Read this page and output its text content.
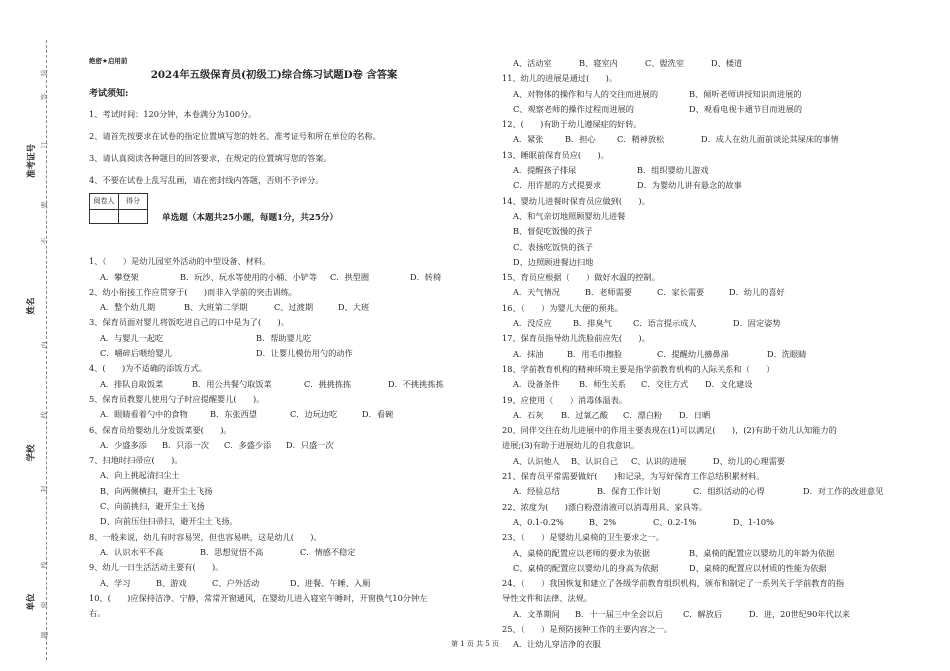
准考证号
姓名
学校
单位
装
订
线
内
不
要
答
题
密
封
线
绝密★启用前
2024年五级保育员(初级工)综合练习试题D卷 含答案
考试须知:
1、考试时间：120分钟，本卷满分为100分。
2、请首先按要求在试卷的指定位置填写您的姓名、准考证号和所在单位的名称。
3、请认真阅读各种题目的回答要求，在规定的位置填写您的答案。
4、不要在试卷上乱写乱画，请在密封线内答题，否则不予评分。
阅卷人	得分

单选题（本题共25小题，每题1分，共25分）
1、（　　）是幼儿园室外活动的中型设备、材料。
A．攀登架	B．玩沙、玩水等使用的小桶、小铲等	C．拱型圈	D．转椅
2、幼小衔接工作应贯穿于(　　)而非入学前的突击训练。
A．整个幼儿期	B、大班第二学期	C、过渡期	D、大班
3、保育员面对婴儿将饭吃进自己的口中是为了(　　)。
A．与婴儿一起吃	B．帮助婴儿吃
C．嚼碎后喂给婴儿	D．让婴儿模仿用勺的动作
4、(　　)为不适确的添饭方式。
A．排队自取饭菜	B．用公共餐勺取饭菜	C．挑挑拣拣	D．不挑挑拣拣
5、保育员教婴儿使用勺子时应提醒婴儿(　　)。
A．眼睛看着勺中的食物	B．东张西望	C．边玩边吃	D．看碗
6、保育员给婴幼儿分发饭菜要(　　)。
A．少盛多添	B．只添一次	C．多盛少添	D．只盛一次
7、扫地时扫帚应(　　)。
A、向上挑起清扫尘土
B、向两侧横扫，避开尘土飞扬
C、向前挑扫，避开尘土飞扬
D、向前压住扫帚扫，避开尘土飞扬。
8、一般来说，幼儿有时容易哭，但也容易哄，这是幼儿(　　)。
A．认识水平不高	B．思想觉悟不高	C．情感不稳定
9、幼儿一日生活活动主要有(　　)。
A、学习	B、游戏	C、户外活动	D、进餐、午睡、入厕
10、(　　)应保持洁净、宁静，常常开窗通风，在婴幼儿进入寝室午睡时，开窗换气10分钟左
右。
A、活动室	B、寝室内	C、盥洗室	D、楼道
11、幼儿的进展是通过(　　)。
A、对物体的操作和与人的交往而进展的	B、倾听老师讲授知识而进展的
C、观察老师的操作过程而进展的	D、观看电视卡通节目而进展的
12、(　　)有助于幼儿遵屎症的好转。
A．紧张	B．担心	C．精神放松	D．成人在幼儿面前谈论其屎床的事情
13、睡眠前保育员应(　　)。
A．提醒孩子排尿	B．组织婴幼儿游戏
C．用许愿的方式提要求	D．为婴幼儿讲有悬念的故事
14、婴幼儿进餐时保育员应做到(　　)。
A、和气亲切地照顾婴幼儿进餐
B、督促吃饭慢的孩子
C、表扬吃饭快的孩子
D、边照顾进餐边扫地
15、育员应根据（　　）做好水温的控制。
A．天气情况	B．老师需要	C．家长需要	D．幼儿的喜好
16、（　　）为婴儿大便的预兆。
A．没反应	B．排臭气	C．语言提示成人	D．固定姿势
17、保育员指导幼儿洗脸前应先(　　)。
A．抹油	B．用毛巾擦脸	C．提醒幼儿擤鼻涕	D．洗眼睛
18、学前教育机构的精神环境主要是指学前教育机构的人际关系和（　　）
A．设备条件	B．师生关系	C．交往方式	D．文化建设
19、应使用（　　）消毒体温表。
A．石灰	B．过氧乙酸	C．漂白粉	D．日晒
20、同伴交往在幼儿进展中的作用主要表现在(1)可以满足(　　)，(2)有助于幼儿认知能力的
进展;(3)有助于进展幼儿的自我意识。
A、认识他人	B、认识自己	C、认识的进展	D、幼儿的心理需要
21、保育员平常需要做好(　　)和记录，为写好保育工作总结积累材料。
A．经验总结	B．保育工作计划	C．组织活动的心得	D．对工作的改进意见
22、浓度为(　　)漂白粉澄清液可以消毒用具、家具等。
A、0.1-0.2%	B、2%	C、0.2-1%	D、1-10%
23、（　　）是婴幼儿桌椅的卫生要求之一。
A、桌椅的配置应以老师的要求为依据	B、桌椅的配置应以婴幼儿的年龄为依据
C、桌椅的配置应以婴幼儿的身高为依据	D、桌椅的配置应以材质的性能为依据
24、（　　）我国恢复和建立了各级学前教育组织机构，颁布和制定了一系列关于学前教育的指
导性文件和法律、法规。
A．文革期间	B．十一届三中全会以后	C．解放后	D．进，20世纪90年代以来
25、（　　）是预防接种工作的主要内容之一。
A．让幼儿穿洁净的衣服
第 1 页 共 5 页
